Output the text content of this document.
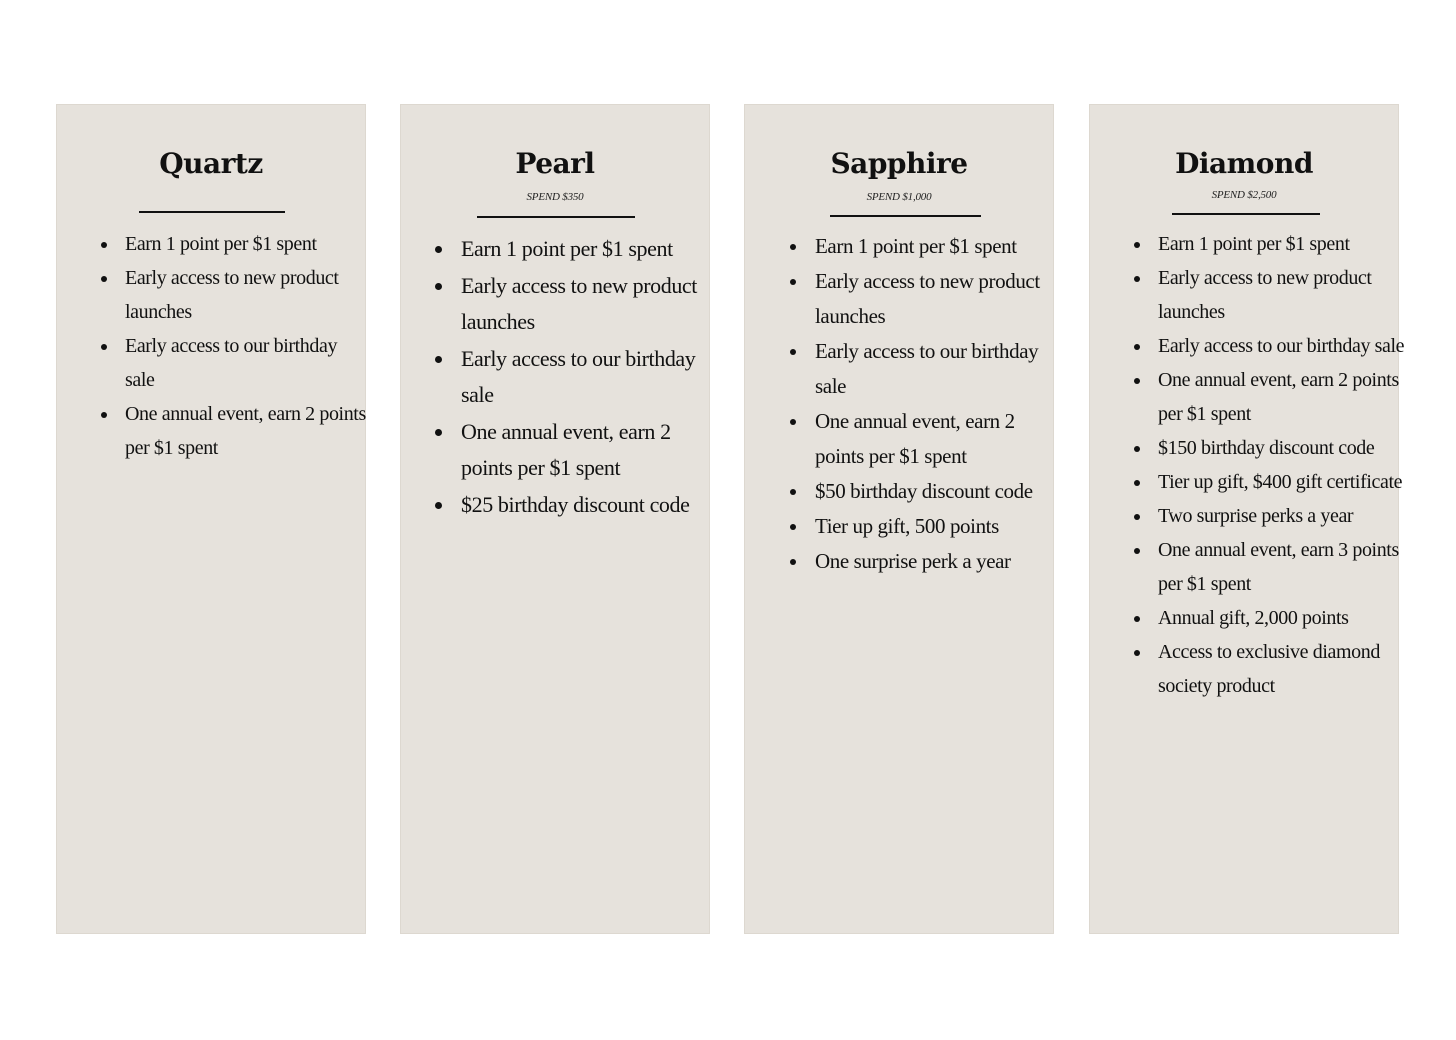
Quartz
• Earn 1 point per $1 spent
• Early access to new product launches
• Early access to our birthday sale
• One annual event, earn 2 points per $1 spent
Pearl
SPEND $350
• Earn 1 point per $1 spent
• Early access to new product launches
• Early access to our birthday sale
• One annual event, earn 2 points per $1 spent
• $25 birthday discount code
Sapphire
SPEND $1,000
• Earn 1 point per $1 spent
• Early access to new product launches
• Early access to our birthday sale
• One annual event, earn 2 points per $1 spent
• $50 birthday discount code
• Tier up gift, 500 points
• One surprise perk a year
Diamond
SPEND $2,500
• Earn 1 point per $1 spent
• Early access to new product launches
• Early access to our birthday sale
• One annual event, earn 2 points per $1 spent
• $150 birthday discount code
• Tier up gift, $400 gift certificate
• Two surprise perks a year
• One annual event, earn 3 points per $1 spent
• Annual gift, 2,000 points
• Access to exclusive diamond society product
